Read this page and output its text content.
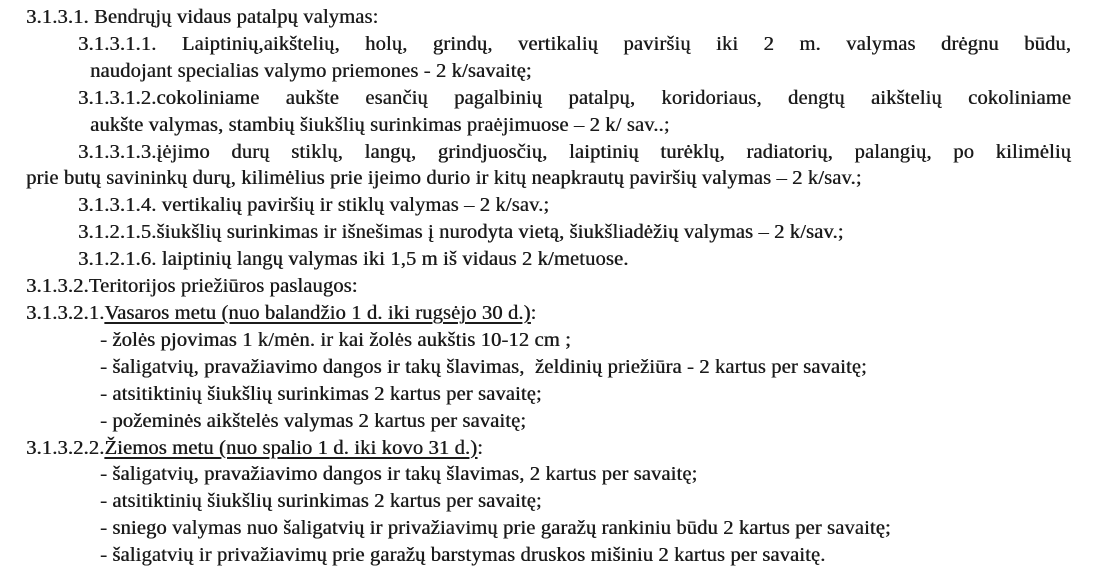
3.1.3.1. Bendrųjų vidaus patalpų valymas:
3.1.3.1.1. Laiptinių,aikštelių, holų, grindų, vertikalių paviršių iki 2 m. valymas drėgnu būdu,
naudojant specialias valymo priemones - 2 k/savaitę;
3.1.3.1.2.cokoliniame aukšte esančių pagalbinių patalpų, koridoriaus, dengtų aikštelių cokoliniame
aukšte valymas, stambių šiukšlių surinkimas praėjimuose – 2 k/ sav..;
3.1.3.1.3.įėjimo durų stiklų, langų, grindjuosčių, laiptinių turėklų, radiatorių, palangių, po kilimėlių
prie butų savininkų durų, kilimėlius prie ijeimo durio ir kitų neapkrautų paviršių valymas – 2 k/sav.;
3.1.3.1.4. vertikalių paviršių ir stiklų valymas – 2 k/sav.;
3.1.2.1.5.šiukšlių surinkimas ir išnešimas į nurodyta vietą, šiukšliadėžių valymas – 2 k/sav.;
3.1.2.1.6. laiptinių langų valymas iki 1,5 m iš vidaus 2 k/metuose.
3.1.3.2.Teritorijos priežiūros paslaugos:
3.1.3.2.1.Vasaros metu (nuo balandžio 1 d. iki rugsėjo 30 d.):
- žolės pjovimas 1 k/mėn. ir kai žolės aukštis 10-12 cm ;
- šaligatvių, pravažiavimo dangos ir takų šlavimas,  želdinių priežiūra - 2 kartus per savaitę;
- atsitiktinių šiukšlių surinkimas 2 kartus per savaitę;
- požeminės aikštelės valymas 2 kartus per savaitę;
3.1.3.2.2.Žiemos metu (nuo spalio 1 d. iki kovo 31 d.):
- šaligatvių, pravažiavimo dangos ir takų šlavimas, 2 kartus per savaitę;
- atsitiktinių šiukšlių surinkimas 2 kartus per savaitę;
- sniego valymas nuo šaligatvių ir privažiavimų prie garažų rankiniu būdu 2 kartus per savaitę;
- šaligatvių ir privažiavimų prie garažų barstymas druskos mišiniu 2 kartus per savaitę.
